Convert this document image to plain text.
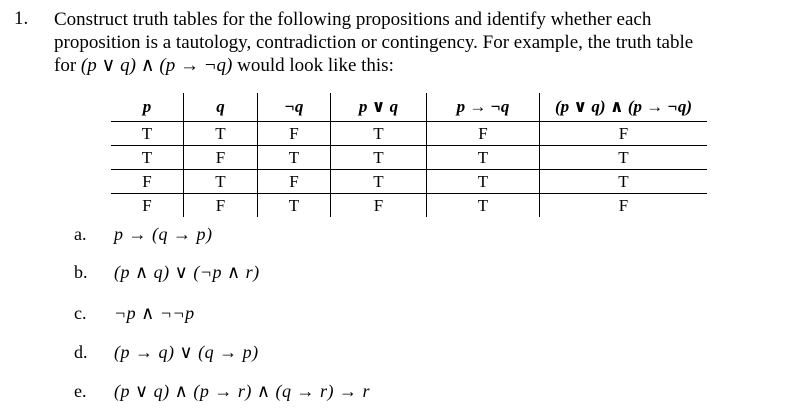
1. Construct truth tables for the following propositions and identify whether each
proposition is a tautology, contradiction or contingency. For example, the truth table
for (p ∨ q) ∧ (p → ¬q) would look like this:
p	q	¬q	p ∨ q	p → ¬q	(p ∨ q) ∧ (p → ¬q)
T	T	F	T	F	F
T	F	T	T	T	T
F	T	F	T	T	T
F	F	T	F	T	F
a. p → (q → p)
b. (p ∧ q) ∨ (¬p ∧ r)
c. ¬p ∧ ¬¬p
d. (p → q) ∨ (q → p)
e. (p ∨ q) ∧ (p → r) ∧ (q → r) → r
